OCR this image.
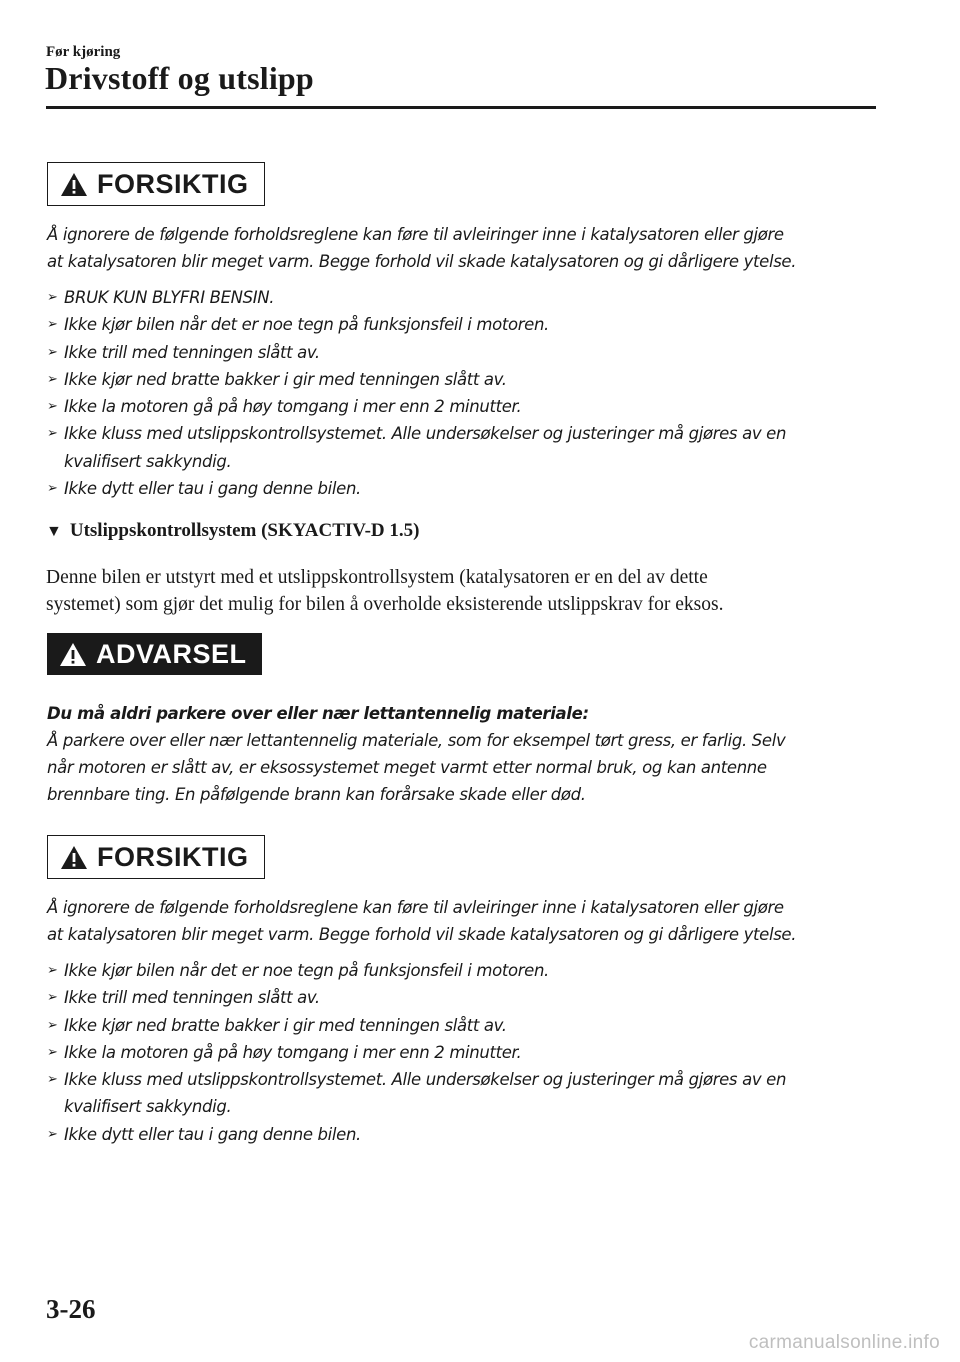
Før kjøring
Drivstoff og utslipp
FORSIKTIG

Å ignorere de følgende forholdsreglene kan føre til avleiringer inne i katalysatoren eller gjøre
at katalysatoren blir meget varm. Begge forhold vil skade katalysatoren og gi dårligere ytelse.

➢ BRUK KUN BLYFRI BENSIN.
➢ Ikke kjør bilen når det er noe tegn på funksjonsfeil i motoren.
➢ Ikke trill med tenningen slått av.
➢ Ikke kjør ned bratte bakker i gir med tenningen slått av.
➢ Ikke la motoren gå på høy tomgang i mer enn 2 minutter.
➢ Ikke kluss med utslippskontrollsystemet. Alle undersøkelser og justeringer må gjøres av en
kvalifisert sakkyndig.
➢ Ikke dytt eller tau i gang denne bilen.
▼ Utslippskontrollsystem (SKYACTIV-D 1.5)

Denne bilen er utstyrt med et utslippskontrollsystem (katalysatoren er en del av dette
systemet) som gjør det mulig for bilen å overholde eksisterende utslippskrav for eksos.

ADVARSEL

Du må aldri parkere over eller nær lettantennelig materiale:
Å parkere over eller nær lettantennelig materiale, som for eksempel tørt gress, er farlig. Selv
når motoren er slått av, er eksossystemet meget varmt etter normal bruk, og kan antenne
brennbare ting. En påfølgende brann kan forårsake skade eller død.

FORSIKTIG

Å ignorere de følgende forholdsreglene kan føre til avleiringer inne i katalysatoren eller gjøre
at katalysatoren blir meget varm. Begge forhold vil skade katalysatoren og gi dårligere ytelse.

➢ Ikke kjør bilen når det er noe tegn på funksjonsfeil i motoren.
➢ Ikke trill med tenningen slått av.
➢ Ikke kjør ned bratte bakker i gir med tenningen slått av.
➢ Ikke la motoren gå på høy tomgang i mer enn 2 minutter.
➢ Ikke kluss med utslippskontrollsystemet. Alle undersøkelser og justeringer må gjøres av en
kvalifisert sakkyndig.
➢ Ikke dytt eller tau i gang denne bilen.
3-26
carmanualsonline.info
